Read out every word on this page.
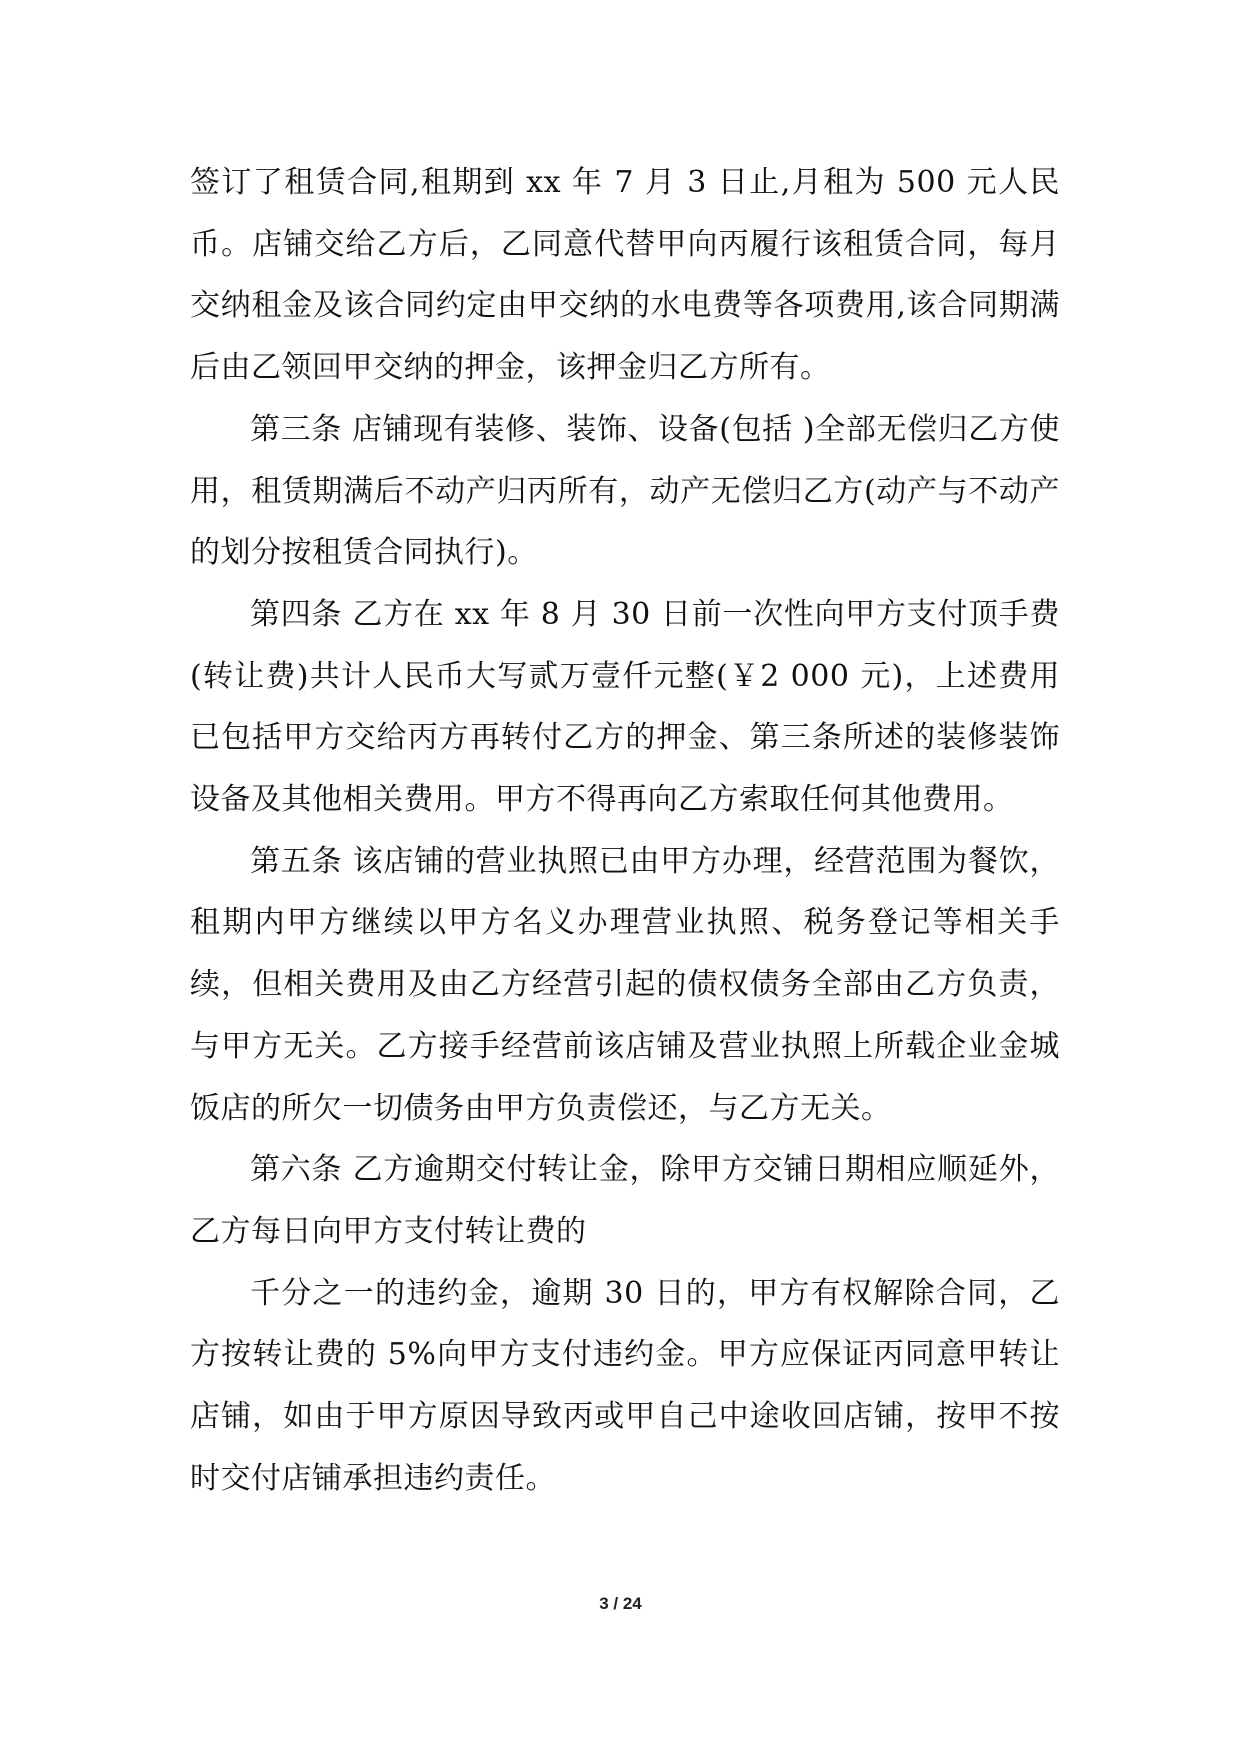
签订了租赁合同,租期到 xx 年 7 月 3 日止,月租为 500 元人民币。店铺交给乙方后，乙同意代替甲向丙履行该租赁合同，每月交纳租金及该合同约定由甲交纳的水电费等各项费用,该合同期满后由乙领回甲交纳的押金，该押金归乙方所有。

第三条 店铺现有装修、装饰、设备(包括 )全部无偿归乙方使用，租赁期满后不动产归丙所有，动产无偿归乙方(动产与不动产的划分按租赁合同执行)。

第四条 乙方在 xx 年 8 月 30 日前一次性向甲方支付顶手费(转让费)共计人民币大写贰万壹仟元整(￥2 000 元)，上述费用已包括甲方交给丙方再转付乙方的押金、第三条所述的装修装饰设备及其他相关费用。甲方不得再向乙方索取任何其他费用。

第五条 该店铺的营业执照已由甲方办理，经营范围为餐饮，租期内甲方继续以甲方名义办理营业执照、税务登记等相关手续，但相关费用及由乙方经营引起的债权债务全部由乙方负责，与甲方无关。乙方接手经营前该店铺及营业执照上所载企业金城饭店的所欠一切债务由甲方负责偿还，与乙方无关。

第六条 乙方逾期交付转让金，除甲方交铺日期相应顺延外，乙方每日向甲方支付转让费的

千分之一的违约金，逾期 30 日的，甲方有权解除合同，乙方按转让费的 5%向甲方支付违约金。甲方应保证丙同意甲转让店铺，如由于甲方原因导致丙或甲自己中途收回店铺，按甲不按时交付店铺承担违约责任。

3 / 24
